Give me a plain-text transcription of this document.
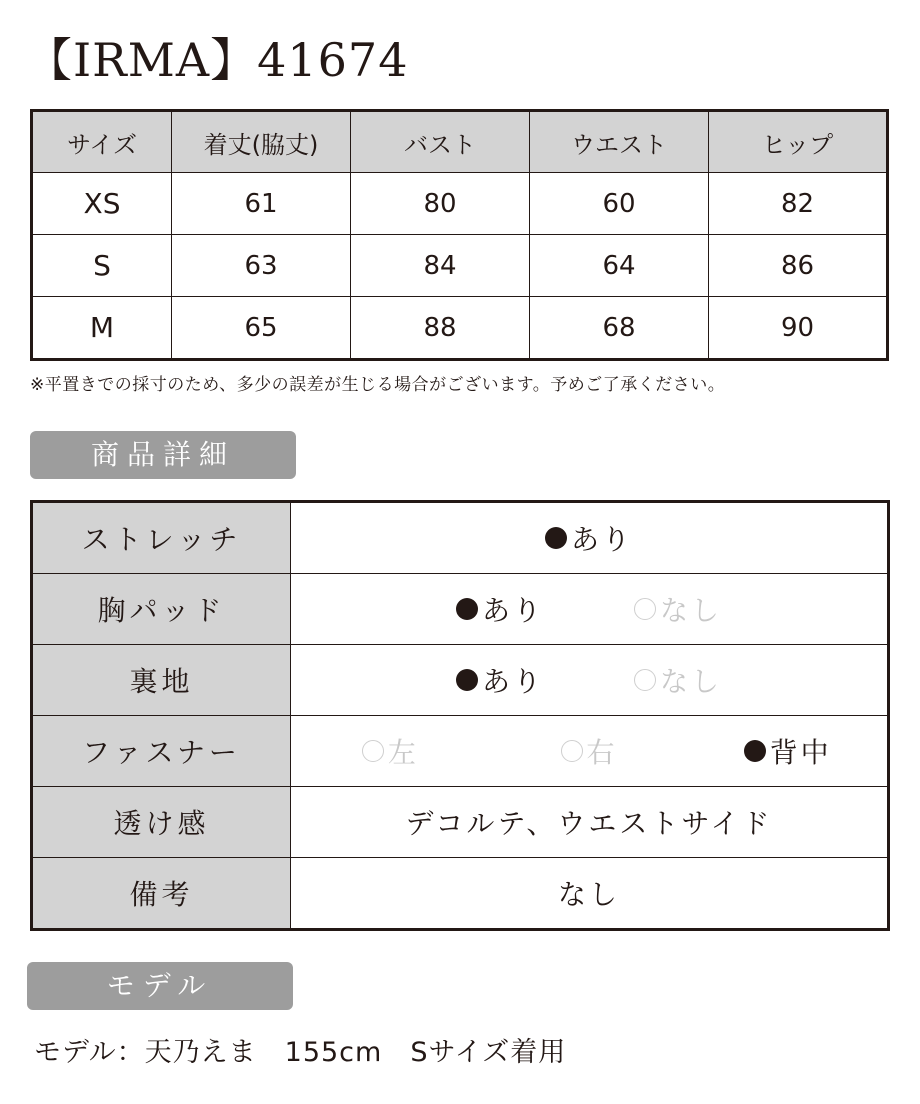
【IRMA】41674
サイズ	着丈(脇丈)	バスト	ウエスト	ヒップ
XS	61	80	60	82
S	63	84	64	86
M	65	88	68	90
※平置きでの採寸のため、多少の誤差が生じる場合がございます。予めご了承ください。
商品詳細
ストレッチ	あり

胸パッド	あり なし

裏地	あり なし

ファスナー	左 右 背中

透け感	デコルテ、ウエストサイド
備考	なし
モデル
モデル：天乃えま　155cm　Sサイズ着用
